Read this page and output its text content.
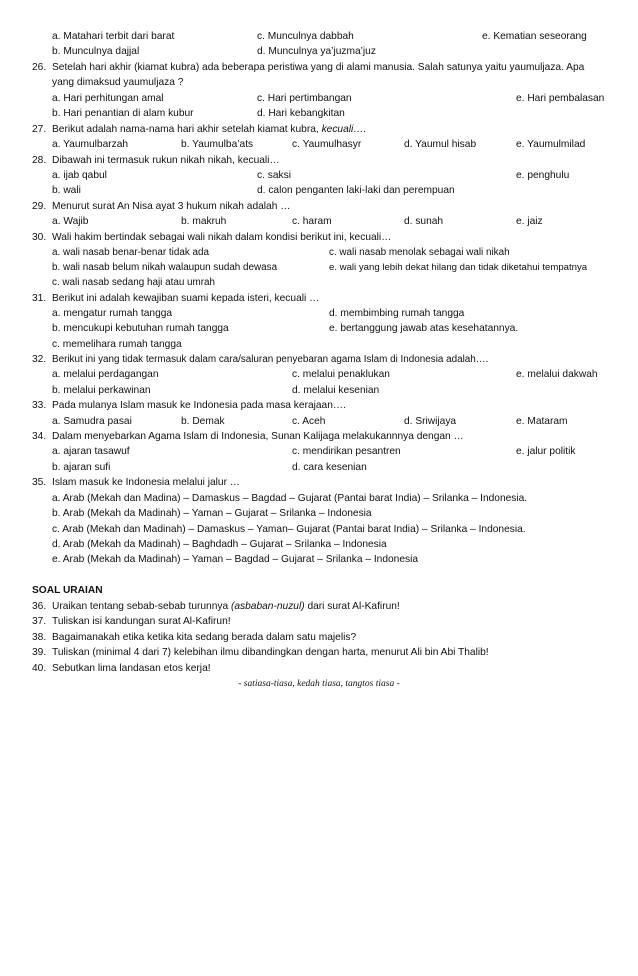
a. Matahari terbit dari barat	c. Munculnya dabbah	e. Kematian seseorang
b. Munculnya dajjal	d. Munculnya ya’juzma’juz
26. Setelah hari akhir (kiamat kubra) ada beberapa peristiwa yang di alami manusia. Salah satunya yaitu yaumuljaza. Apa
yang dimaksud yaumuljaza ?
a. Hari perhitungan amal	c. Hari pertimbangan	e. Hari pembalasan
b. Hari penantian di alam kubur	d. Hari kebangkitan
27. Berikut adalah nama-nama hari akhir setelah kiamat kubra, kecuali….
a. Yaumulbarzah	b. Yaumulba’ats	c. Yaumulhasyr	d. Yaumul hisab	e. Yaumulmilad
28. Dibawah ini termasuk rukun nikah nikah, kecuali…
a. ijab qabul	c. saksi	e. penghulu
b. wali	d. calon penganten laki-laki dan perempuan
29. Menurut surat An Nisa ayat 3 hukum nikah adalah …
a. Wajib	b. makruh	c. haram	d. sunah	e. jaiz
30. Wali hakim bertindak sebagai wali nikah dalam kondisi berikut ini, kecuali…
a. wali nasab benar-benar tidak ada	c. wali nasab menolak sebagai wali nikah
b. wali nasab belum nikah walaupun sudah dewasa	e. wali yang lebih dekat hilang dan tidak diketahui tempatnya
c. wali nasab sedang haji atau umrah
31. Berikut ini adalah kewajiban suami kepada isteri, kecuali …
a. mengatur rumah tangga	d. membimbing rumah tangga
b. mencukupi kebutuhan rumah tangga	e. bertanggung jawab atas kesehatannya.
c. memelihara rumah tangga
32. Berikut ini yang tidak termasuk dalam cara/saluran penyebaran agama Islam di Indonesia adalah….
a. melalui perdagangan	c. melalui penaklukan	e. melalui dakwah
b. melalui perkawinan	d. melalui kesenian
33. Pada mulanya Islam masuk ke Indonesia pada masa kerajaan….
a. Samudra pasai	b. Demak	c. Aceh	d. Sriwijaya	e. Mataram
34. Dalam menyebarkan Agama Islam di Indonesia, Sunan Kalijaga melakukannnya dengan …
a. ajaran tasawuf	c. mendirikan pesantren	e. jalur politik
b. ajaran sufi	d. cara kesenian
35. Islam masuk ke Indonesia melalui jalur …
a. Arab (Mekah dan Madina) – Damaskus – Bagdad – Gujarat (Pantai barat India) – Srilanka – Indonesia.
b. Arab (Mekah da Madinah) – Yaman – Gujarat – Srilanka – Indonesia
c. Arab (Mekah dan Madinah) – Damaskus – Yaman– Gujarat (Pantai barat India) – Srilanka – Indonesia.
d. Arab (Mekah da Madinah) – Baghdadh – Gujarat – Srilanka – Indonesia
e. Arab (Mekah da Madinah) – Yaman – Bagdad – Gujarat – Srilanka – Indonesia
SOAL URAIAN
36. Uraikan tentang sebab-sebab turunnya (asbaban-nuzul) dari surat Al-Kafirun!
37. Tuliskan isi kandungan surat Al-Kafirun!
38. Bagaimanakah etika ketika kita sedang berada dalam satu majelis?
39. Tuliskan (minimal 4 dari 7) kelebihan ilmu dibandingkan dengan harta, menurut Ali bin Abi Thalib!
40. Sebutkan lima landasan etos kerja!
- satiasa-tiasa, kedah tiasa, tangtos tiasa -
